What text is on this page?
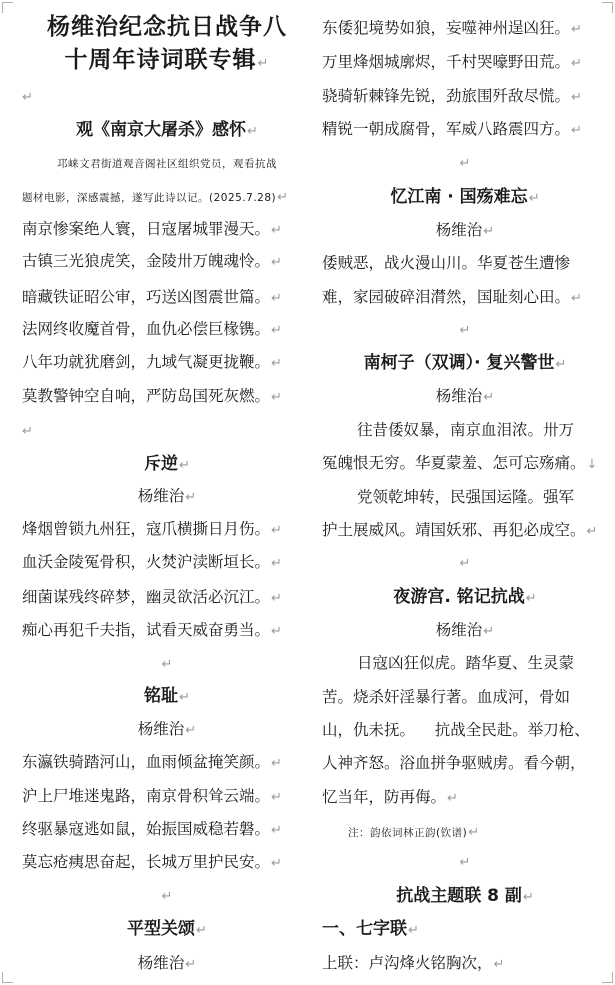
杨维治纪念抗日战争八
十周年诗词联专辑↵
↵
观《南京大屠杀》感怀↵
邛崃文君街道观音阁社区组织党员，观看抗战
题材电影，深感震撼，遂写此诗以记。(2025.7.28)↵
南京惨案绝人寰，日寇屠城罪漫天。↵
古镇三光狼虎笑，金陵卅万魄魂怜。↵
暗藏铁证昭公审，巧送凶图震世篇。↵
法网终收魔首骨，血仇必偿巨椽镌。↵
八年功就犹磨剑，九域气凝更拢鞭。↵
莫教警钟空自响，严防岛国死灰燃。↵
↵
斥逆↵
杨维治↵
烽烟曾锁九州狂，寇爪横撕日月伤。↵
血沃金陵冤骨积，火焚沪渎断垣长。↵
细菌谋残终碎梦，幽灵欲活必沉江。↵
痴心再犯千夫指，试看天威奋勇当。↵
↵
铭耻↵
杨维治↵
东瀛铁骑踏河山，血雨倾盆掩笑颜。↵
沪上尸堆迷鬼路，南京骨积耸云端。↵
终驱暴寇逃如鼠，始振国威稳若磐。↵
莫忘疮痍思奋起，长城万里护民安。↵
↵
平型关颂↵
杨维治↵
东倭犯境势如狼，妄噬神州逞凶狂。↵
万里烽烟城廓烬，千村哭嚎野田荒。↵
骁骑斩棘锋先锐，劲旅围歼敌尽慌。↵
精锐一朝成腐骨，军威八路震四方。↵
↵
忆江南 · 国殇难忘↵
杨维治↵
倭贼恶，战火漫山川。华夏苍生遭惨
难，家园破碎泪潸然，国耻刻心田。↵
↵
南柯子（双调）· 复兴警世↵
杨维治↵
往昔倭奴暴，南京血泪浓。卅万
冤魄恨无穷。华夏蒙羞、怎可忘殇痛。↓
党领乾坤转，民强国运隆。强军
护土展威风。靖国妖邪、再犯必成空。↵
↵
夜游宫. 铭记抗战↵
杨维治↵
日寇凶狂似虎。踏华夏、生灵蒙
苦。烧杀奸淫暴行著。血成河，骨如
山，仇未抚。    抗战全民赴。举刀枪、
人神齐怒。浴血拼争驱贼虏。看今朝，
忆当年，防再侮。↵
注：韵依词林正韵(钦谱)↵
↵
抗战主题联 8 副↵
一、七字联↵
上联：卢沟烽火铭胸次，↵
